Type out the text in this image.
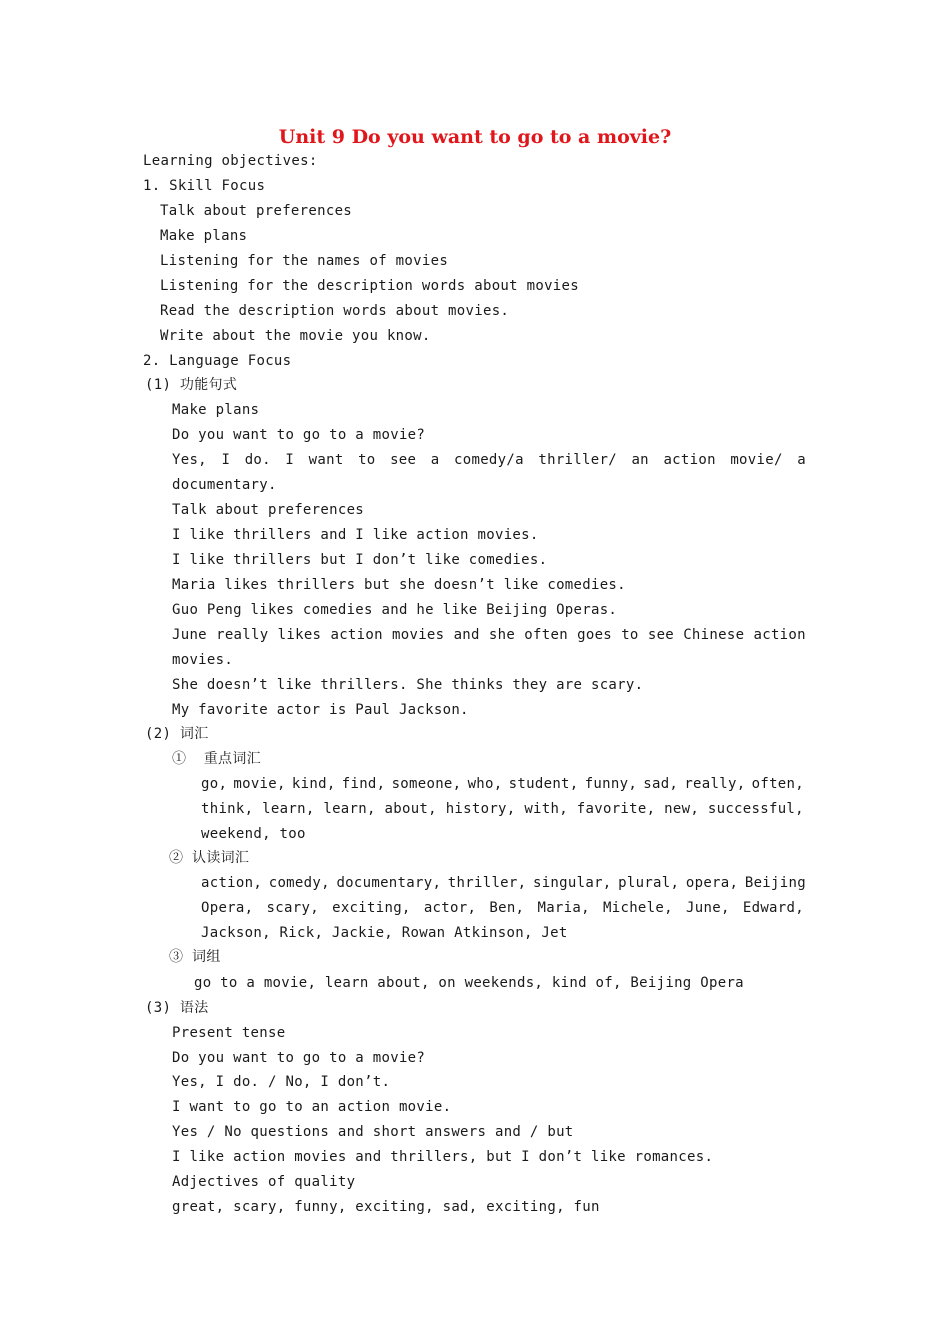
Unit 9 Do you want to go to a movie?
Learning objectives:
1. Skill Focus
Talk about preferences
Make plans
Listening for the names of movies
Listening for the description words about movies
Read the description words about movies.
Write about the movie you know.
2. Language Focus
(1) 功能句式
Make plans
Do you want to go to a movie?
Yes, I do. I want to see a comedy/a thriller/ an action movie/ a
documentary.
Talk about preferences
I like thrillers and I like action movies.
I like thrillers but I don’t like comedies.
Maria likes thrillers but she doesn’t like comedies.
Guo Peng likes comedies and he like Beijing Operas.
June really likes action movies and she often goes to see Chinese action
movies.
She doesn’t like thrillers. She thinks they are scary.
My favorite actor is Paul Jackson.
(2) 词汇
①  重点词汇
go, movie, kind, find, someone, who, student, funny, sad, really, often,
think, learn, learn, about, history, with, favorite, new, successful,
weekend, too
② 认读词汇
action, comedy, documentary, thriller, singular, plural, opera, Beijing
Opera, scary, exciting, actor, Ben, Maria, Michele, June, Edward,
Jackson, Rick, Jackie, Rowan Atkinson, Jet
③ 词组
go to a movie, learn about, on weekends, kind of, Beijing Opera
(3) 语法
Present tense
Do you want to go to a movie?
Yes, I do. / No, I don’t.
I want to go to an action movie.
Yes / No questions and short answers and / but
I like action movies and thrillers, but I don’t like romances.
Adjectives of quality
great, scary, funny, exciting, sad, exciting, fun
